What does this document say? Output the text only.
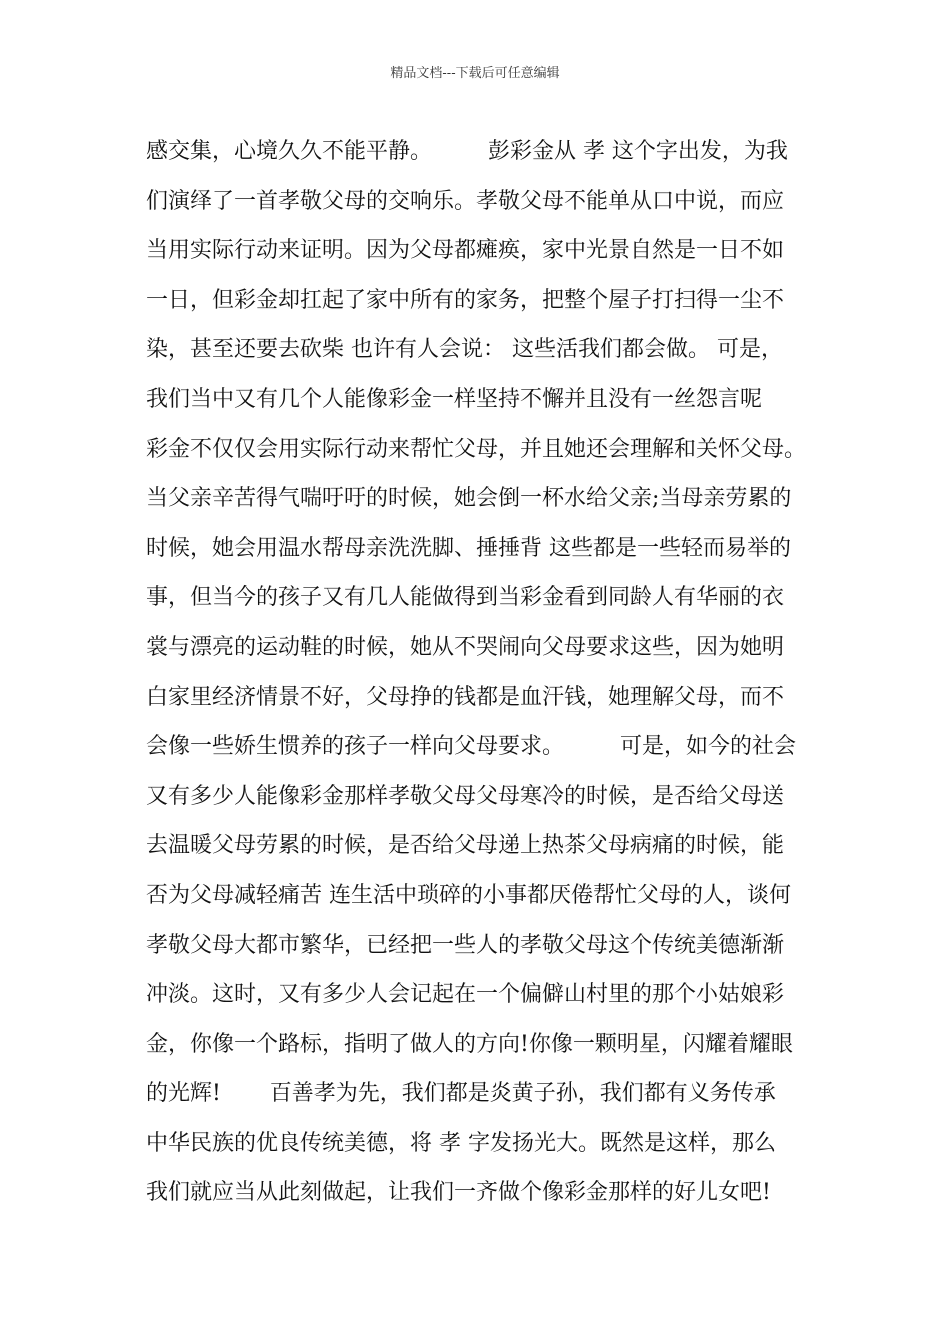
精品文档---下载后可任意编辑
感交集，心境久久不能平静。        彭彩金从 孝 这个字出发，为我
们演绎了一首孝敬父母的交响乐。孝敬父母不能单从口中说，而应
当用实际行动来证明。因为父母都瘫痪，家中光景自然是一日不如
一日，但彩金却扛起了家中所有的家务，把整个屋子打扫得一尘不
染，甚至还要去砍柴 也许有人会说： 这些活我们都会做。 可是，
我们当中又有几个人能像彩金一样坚持不懈并且没有一丝怨言呢
彩金不仅仅会用实际行动来帮忙父母，并且她还会理解和关怀父母。
当父亲辛苦得气喘吁吁的时候，她会倒一杯水给父亲;当母亲劳累的
时候，她会用温水帮母亲洗洗脚、捶捶背 这些都是一些轻而易举的
事，但当今的孩子又有几人能做得到当彩金看到同龄人有华丽的衣
裳与漂亮的运动鞋的时候，她从不哭闹向父母要求这些，因为她明
白家里经济情景不好，父母挣的钱都是血汗钱，她理解父母，而不
会像一些娇生惯养的孩子一样向父母要求。        可是，如今的社会
又有多少人能像彩金那样孝敬父母父母寒冷的时候，是否给父母送
去温暖父母劳累的时候，是否给父母递上热茶父母病痛的时候，能
否为父母减轻痛苦 连生活中琐碎的小事都厌倦帮忙父母的人，谈何
孝敬父母大都市繁华，已经把一些人的孝敬父母这个传统美德渐渐
冲淡。这时，又有多少人会记起在一个偏僻山村里的那个小姑娘彩
金，你像一个路标，指明了做人的方向!你像一颗明星，闪耀着耀眼
的光辉!       百善孝为先，我们都是炎黄子孙，我们都有义务传承
中华民族的优良传统美德，将 孝 字发扬光大。既然是这样，那么
我们就应当从此刻做起，让我们一齐做个像彩金那样的好儿女吧!
